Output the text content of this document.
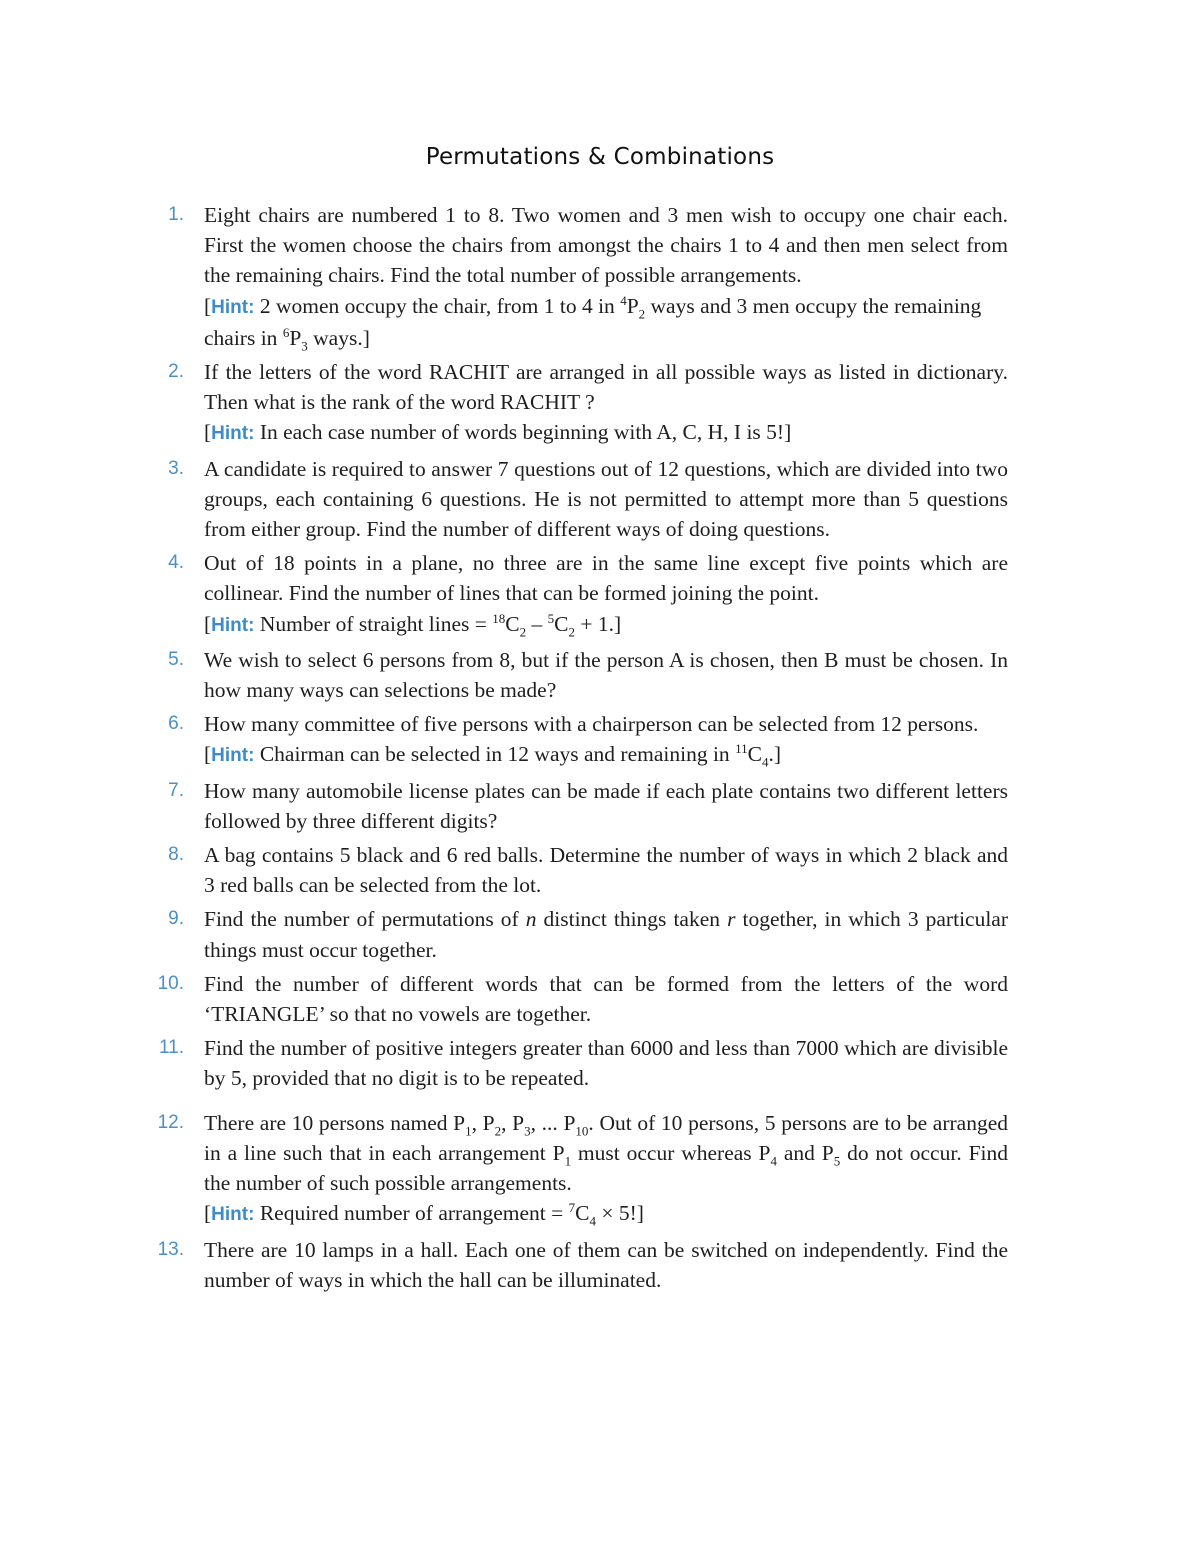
Permutations & Combinations
1. Eight chairs are numbered 1 to 8. Two women and 3 men wish to occupy one chair each. First the women choose the chairs from amongst the chairs 1 to 4 and then men select from the remaining chairs. Find the total number of possible arrangements.
[Hint: 2 women occupy the chair, from 1 to 4 in $^4P_2$ ways and 3 men occupy the remaining chairs in $^6P_3$ ways.]
2. If the letters of the word RACHIT are arranged in all possible ways as listed in dictionary. Then what is the rank of the word RACHIT ?
[Hint: In each case number of words beginning with A, C, H, I is 5!]
3. A candidate is required to answer 7 questions out of 12 questions, which are divided into two groups, each containing 6 questions. He is not permitted to attempt more than 5 questions from either group. Find the number of different ways of doing questions.
4. Out of 18 points in a plane, no three are in the same line except five points which are collinear. Find the number of lines that can be formed joining the point.
[Hint: Number of straight lines = $^{18}C_2 - ^5C_2 + 1$.]
5. We wish to select 6 persons from 8, but if the person A is chosen, then B must be chosen. In how many ways can selections be made?
6. How many committee of five persons with a chairperson can be selected from 12 persons.
[Hint: Chairman can be selected in 12 ways and remaining in $^{11}C_4$.]
7. How many automobile license plates can be made if each plate contains two different letters followed by three different digits?
8. A bag contains 5 black and 6 red balls. Determine the number of ways in which 2 black and 3 red balls can be selected from the lot.
9. Find the number of permutations of n distinct things taken r together, in which 3 particular things must occur together.
10. Find the number of different words that can be formed from the letters of the word ‘TRIANGLE’ so that no vowels are together.
11. Find the number of positive integers greater than 6000 and less than 7000 which are divisible by 5, provided that no digit is to be repeated.
12. There are 10 persons named $P_1$, $P_2$, $P_3$, ... $P_{10}$. Out of 10 persons, 5 persons are to be arranged in a line such that in each arrangement $P_1$ must occur whereas $P_4$ and $P_5$ do not occur. Find the number of such possible arrangements.
[Hint: Required number of arrangement = $^7C_4 \times 5$!]
13. There are 10 lamps in a hall. Each one of them can be switched on independently. Find the number of ways in which the hall can be illuminated.
